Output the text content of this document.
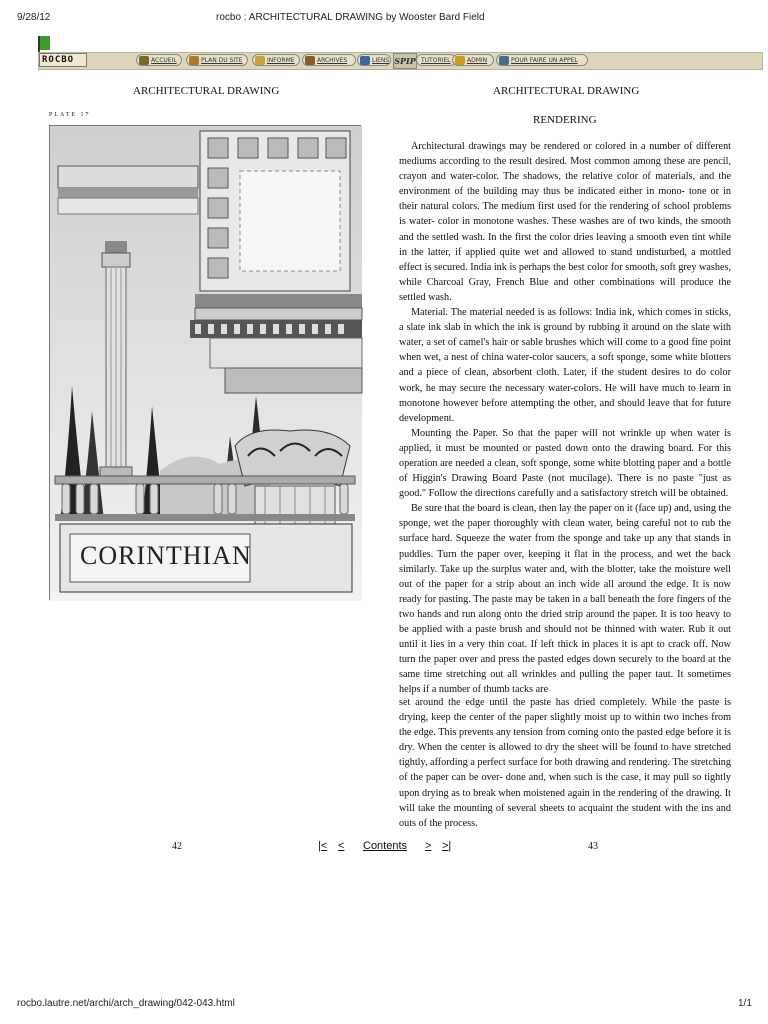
9/28/12	rocbo : ARCHITECTURAL DRAWING by Wooster Bard Field
ROCBO	ACCUEIL	PLAN DU SITE	INFORME	ARCHIVES	LIENS SPIP TUTORIEL	ADMIN	POUR FAIRE UN APPEL
ARCHITECTURAL DRAWING	ARCHITECTURAL DRAWING
PLATE 17
CORINTHIAN
RENDERING

Architectural drawings may be rendered or colored in a number of different mediums according to the result desired. Most common among these are pencil, crayon and water-color. The shadows, the relative color of materials, and the environment of the building may thus be indicated either in mono- tone or in their natural colors. The medium first used for the rendering of school problems is water- color in monotone washes. These washes are of two kinds, the smooth and the settled wash. In the first the color dries leaving a smooth even tint while in the latter, if applied quite wet and allowed to stand undisturbed, a mottled effect is secured. India ink is perhaps the best color for smooth, soft grey washes, while Charcoal Gray, French Blue and other combinations will produce the settled wash.

Material. The material needed is as follows: India ink, which comes in sticks, a slate ink slab in which the ink is ground by rubbing it around on the slate with water, a set of camel's hair or sable brushes which will come to a good fine point when wet, a nest of china water-color saucers, a soft sponge, some white blotters and a piece of clean, absorbent cloth. Later, if the student desires to do color work, he may secure the necessary water-colors. He will have much to learn in monotone however before attempting the other, and should leave that for future development.

Mounting the Paper. So that the paper will not wrinkle up when water is applied, it must be mounted or pasted down onto the drawing board. For this operation are needed a clean, soft sponge, some white blotting paper and a bottle of Higgin's Drawing Board Paste (not mucilage). There is no paste "just as good." Follow the directions carefully and a satisfactory stretch will be obtained.

Be sure that the board is clean, then lay the paper on it (face up) and, using the sponge, wet the paper thoroughly with clean water, being careful not to rub the surface hard. Squeeze the water from the sponge and take up any that stands in puddles. Turn the paper over, keeping it flat in the process, and wet the back similarly. Take up the surplus water and, with the blotter, take the moisture well out of the paper for a strip about an inch wide all around the edge. It is now ready for pasting. The paste may be taken in a ball beneath the fore fingers of the two hands and run along onto the dried strip around the paper. It is too heavy to be applied with a paste brush and should not be thinned with water. Rub it out until it lies in a very thin coat. If left thick in places it is apt to crack off. Now turn the paper over and press the pasted edges down securely to the board at the same time stretching out all wrinkles and pulling the paper taut. It sometimes helps if a number of thumb tacks are

set around the edge until the paste has dried completely. While the paste is drying, keep the center of the paper slightly moist up to within two inches from the edge. This prevents any tension from coming onto the pasted edge before it is dry. When the center is allowed to dry the sheet will be found to have stretched tightly, affording a perfect surface for both drawing and rendering. The stretching of the paper can be over- done and, when such is the case, it may pull so tightly upon drying as to break when moistened again in the rendering of the drawing. It will take the mounting of several sheets to acquaint the student with the ins and outs of the process.

42	43
|< < Contents > >|
rocbo.lautre.net/archi/arch_drawing/042-043.html	1/1
